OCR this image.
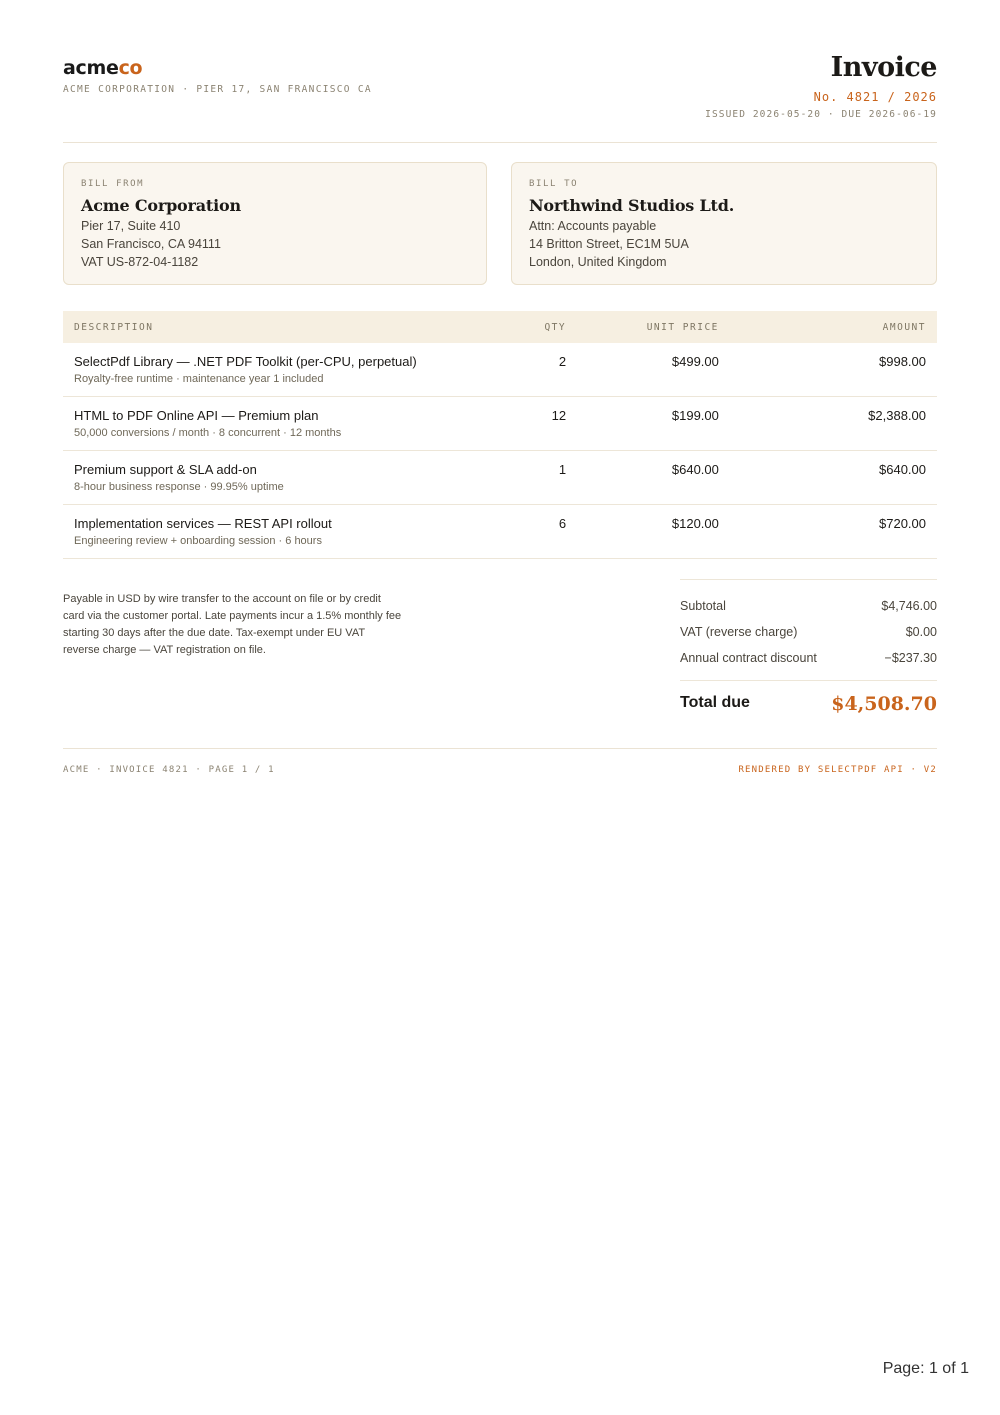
acmeco
ACME CORPORATION · PIER 17, SAN FRANCISCO CA
Invoice
No. 4821 / 2026
ISSUED 2026-05-20 · DUE 2026-06-19
BILL FROM
Acme Corporation
Pier 17, Suite 410
San Francisco, CA 94111
VAT US-872-04-1182
BILL TO
Northwind Studios Ltd.
Attn: Accounts payable
14 Britton Street, EC1M 5UA
London, United Kingdom
DESCRIPTION	QTY	UNIT PRICE	AMOUNT

SelectPdf Library — .NET PDF Toolkit (per-CPU, perpetual)
Royalty-free runtime · maintenance year 1 included	2	$499.00	$998.00

HTML to PDF Online API — Premium plan
50,000 conversions / month · 8 concurrent · 12 months	12	$199.00	$2,388.00

Premium support & SLA add-on
8-hour business response · 99.95% uptime	1	$640.00	$640.00

Implementation services — REST API rollout
Engineering review + onboarding session · 6 hours	6	$120.00	$720.00
Payable in USD by wire transfer to the account on file or by credit card via the customer portal. Late payments incur a 1.5% monthly fee starting 30 days after the due date. Tax-exempt under EU VAT reverse charge — VAT registration on file.
Subtotal	$4,746.00
VAT (reverse charge)	$0.00
Annual contract discount	−$237.30
Total due	$4,508.70
ACME · INVOICE 4821 · PAGE 1 / 1	RENDERED BY SELECTPDF API · V2
Page: 1 of 1
